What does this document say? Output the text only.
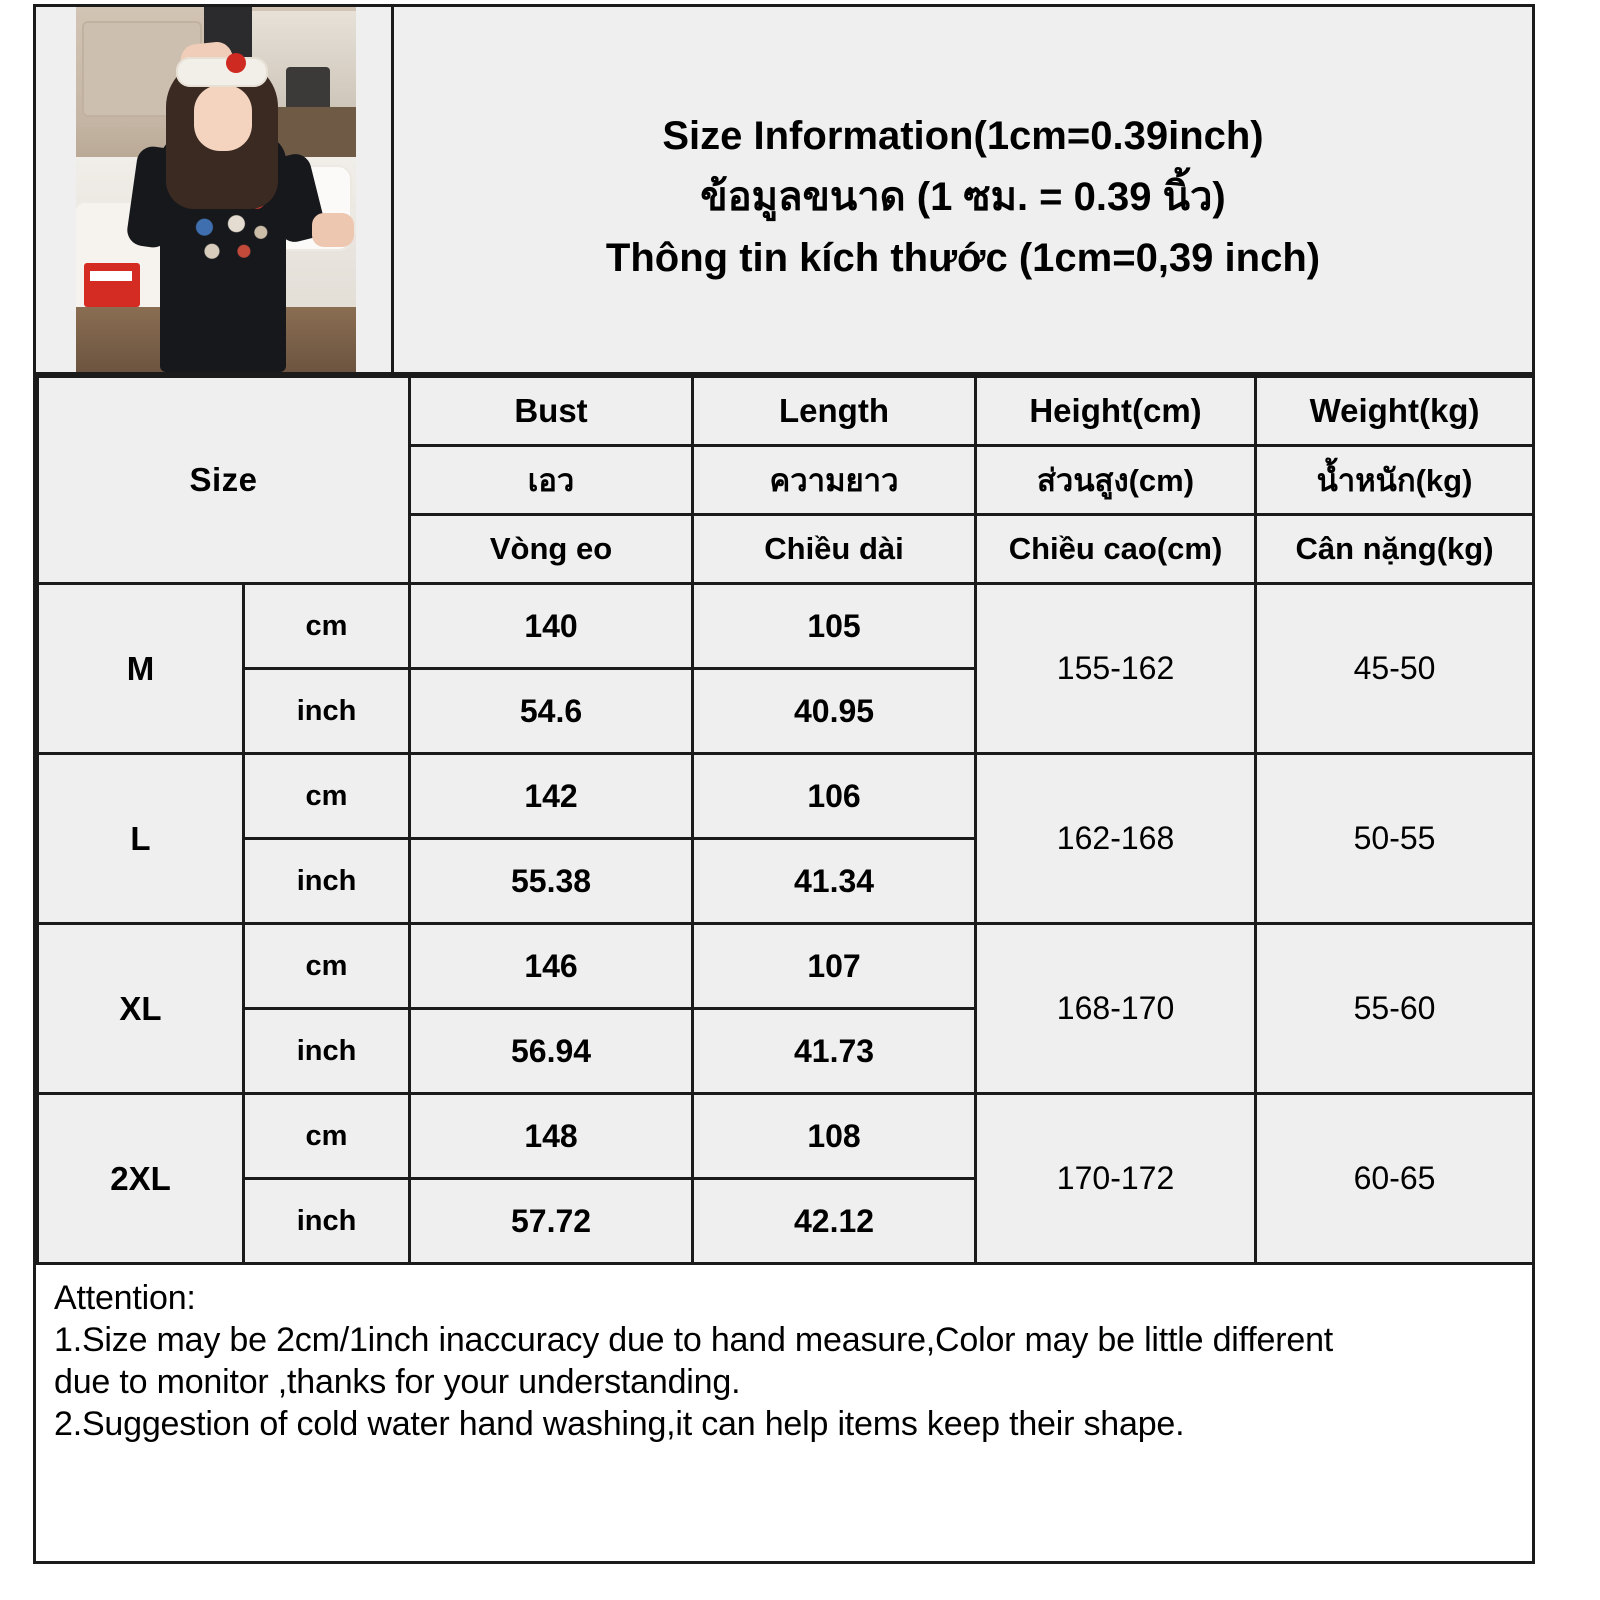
Size Information(1cm=0.39inch)
ข้อมูลขนาด (1 ซม. = 0.39 นิ้ว)
Thông tin kích thước (1cm=0,39 inch)
Size		Bust	Length	Height(cm)	Weight(kg)
		เอว	ความยาว	ส่วนสูง(cm)	น้ำหนัก(kg)
		Vòng eo	Chiều dài	Chiều cao(cm)	Cân nặng(kg)
M	cm	140	105	155-162	45-50
	inch	54.6	40.95		
L	cm	142	106	162-168	50-55
	inch	55.38	41.34		
XL	cm	146	107	168-170	55-60
	inch	56.94	41.73		
2XL	cm	148	108	170-172	60-65
	inch	57.72	42.12		

Attention:

1.Size may be 2cm/1inch inaccuracy due to hand measure,Color may be little different

due to monitor ,thanks for your understanding.

2.Suggestion of cold water hand washing,it can help items keep their shape.
